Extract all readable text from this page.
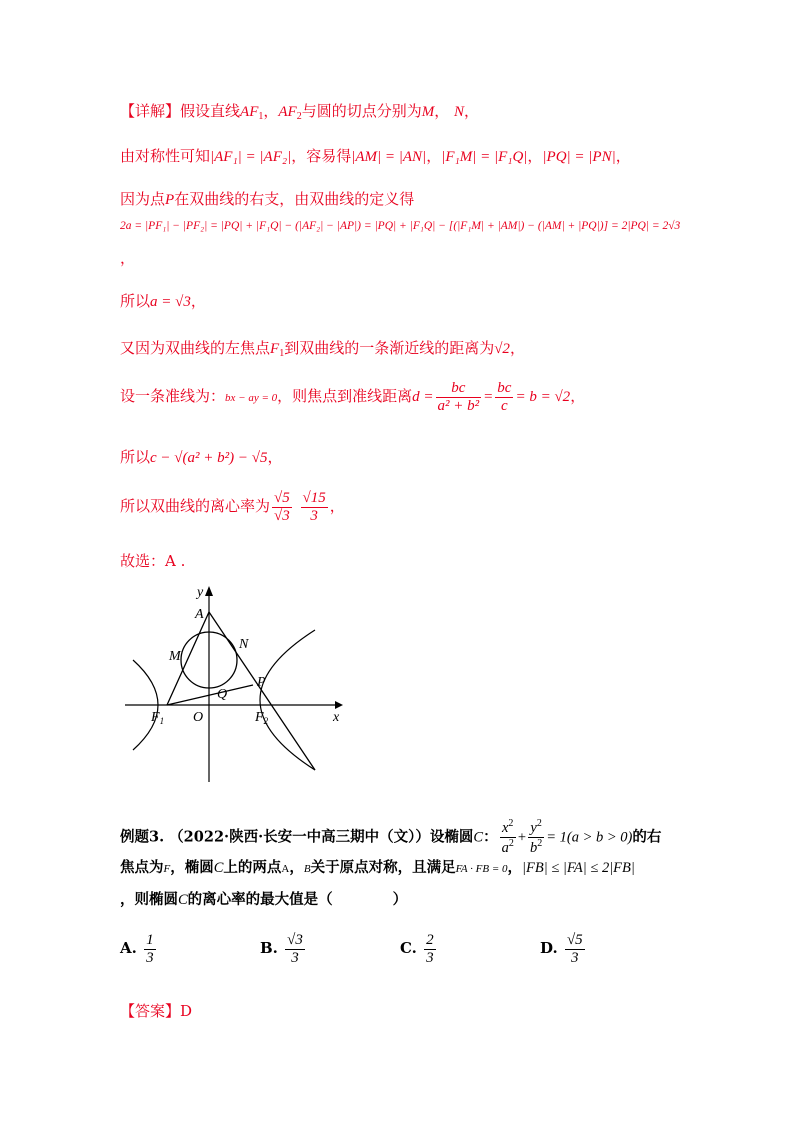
【详解】假设直线$AF_1$，$AF_2$与圆的切点分别为M， N，
由对称性可知|AF₁| = |AF₂|，容易得|AM| = |AN|，|F₁M| = |F₁Q|，|PQ| = |PN|，
因为点P在双曲线的右支，由双曲线的定义得
2a = |PF₁| − |PF₂| = |PQ| + |F₁Q| − (|AF₂| − |AP|) = |PQ| + |F₁Q| − [(|F₁M| + |AM|) − (|AM| + |PQ|)] = 2|PQ| = 2√3
，
所以a = √3，
又因为双曲线的左焦点$F_1$到双曲线的一条渐近线的距离为√2，
设一条准线为：bx − ay = 0，则焦点到准线距离$d = \frac{bc}{\text{a² + b²}} = \frac{bc}{c} = b = √2$，
所以c − √(a² + b²) − √5，
所以双曲线的离心率为 $\frac{√5}{√3}$
$\frac{√15}{3}$ ，
故选：A .
y
A
M
N
P
Q
$F_1$ O	$F_2$	x
例题3. （2022·陕西·长安一中高三期中（文））设椭圆C： $\frac{x^2}{a^2} + \frac{y^2}{b^2} = 1(a > b > 0)$的右
焦点为F，椭圆C上的两点A，B关于原点对称，且满足FA · FB = 0，|FB| ≤ |FA| ≤ 2|FB|
，则椭圆C的离心率的最大值是（	）
A. $\frac{1}{3}$	B. $\frac{√3}{3}$	C. $\frac{2}{3}$	D. $\frac{√5}{3}$
【答案】D
